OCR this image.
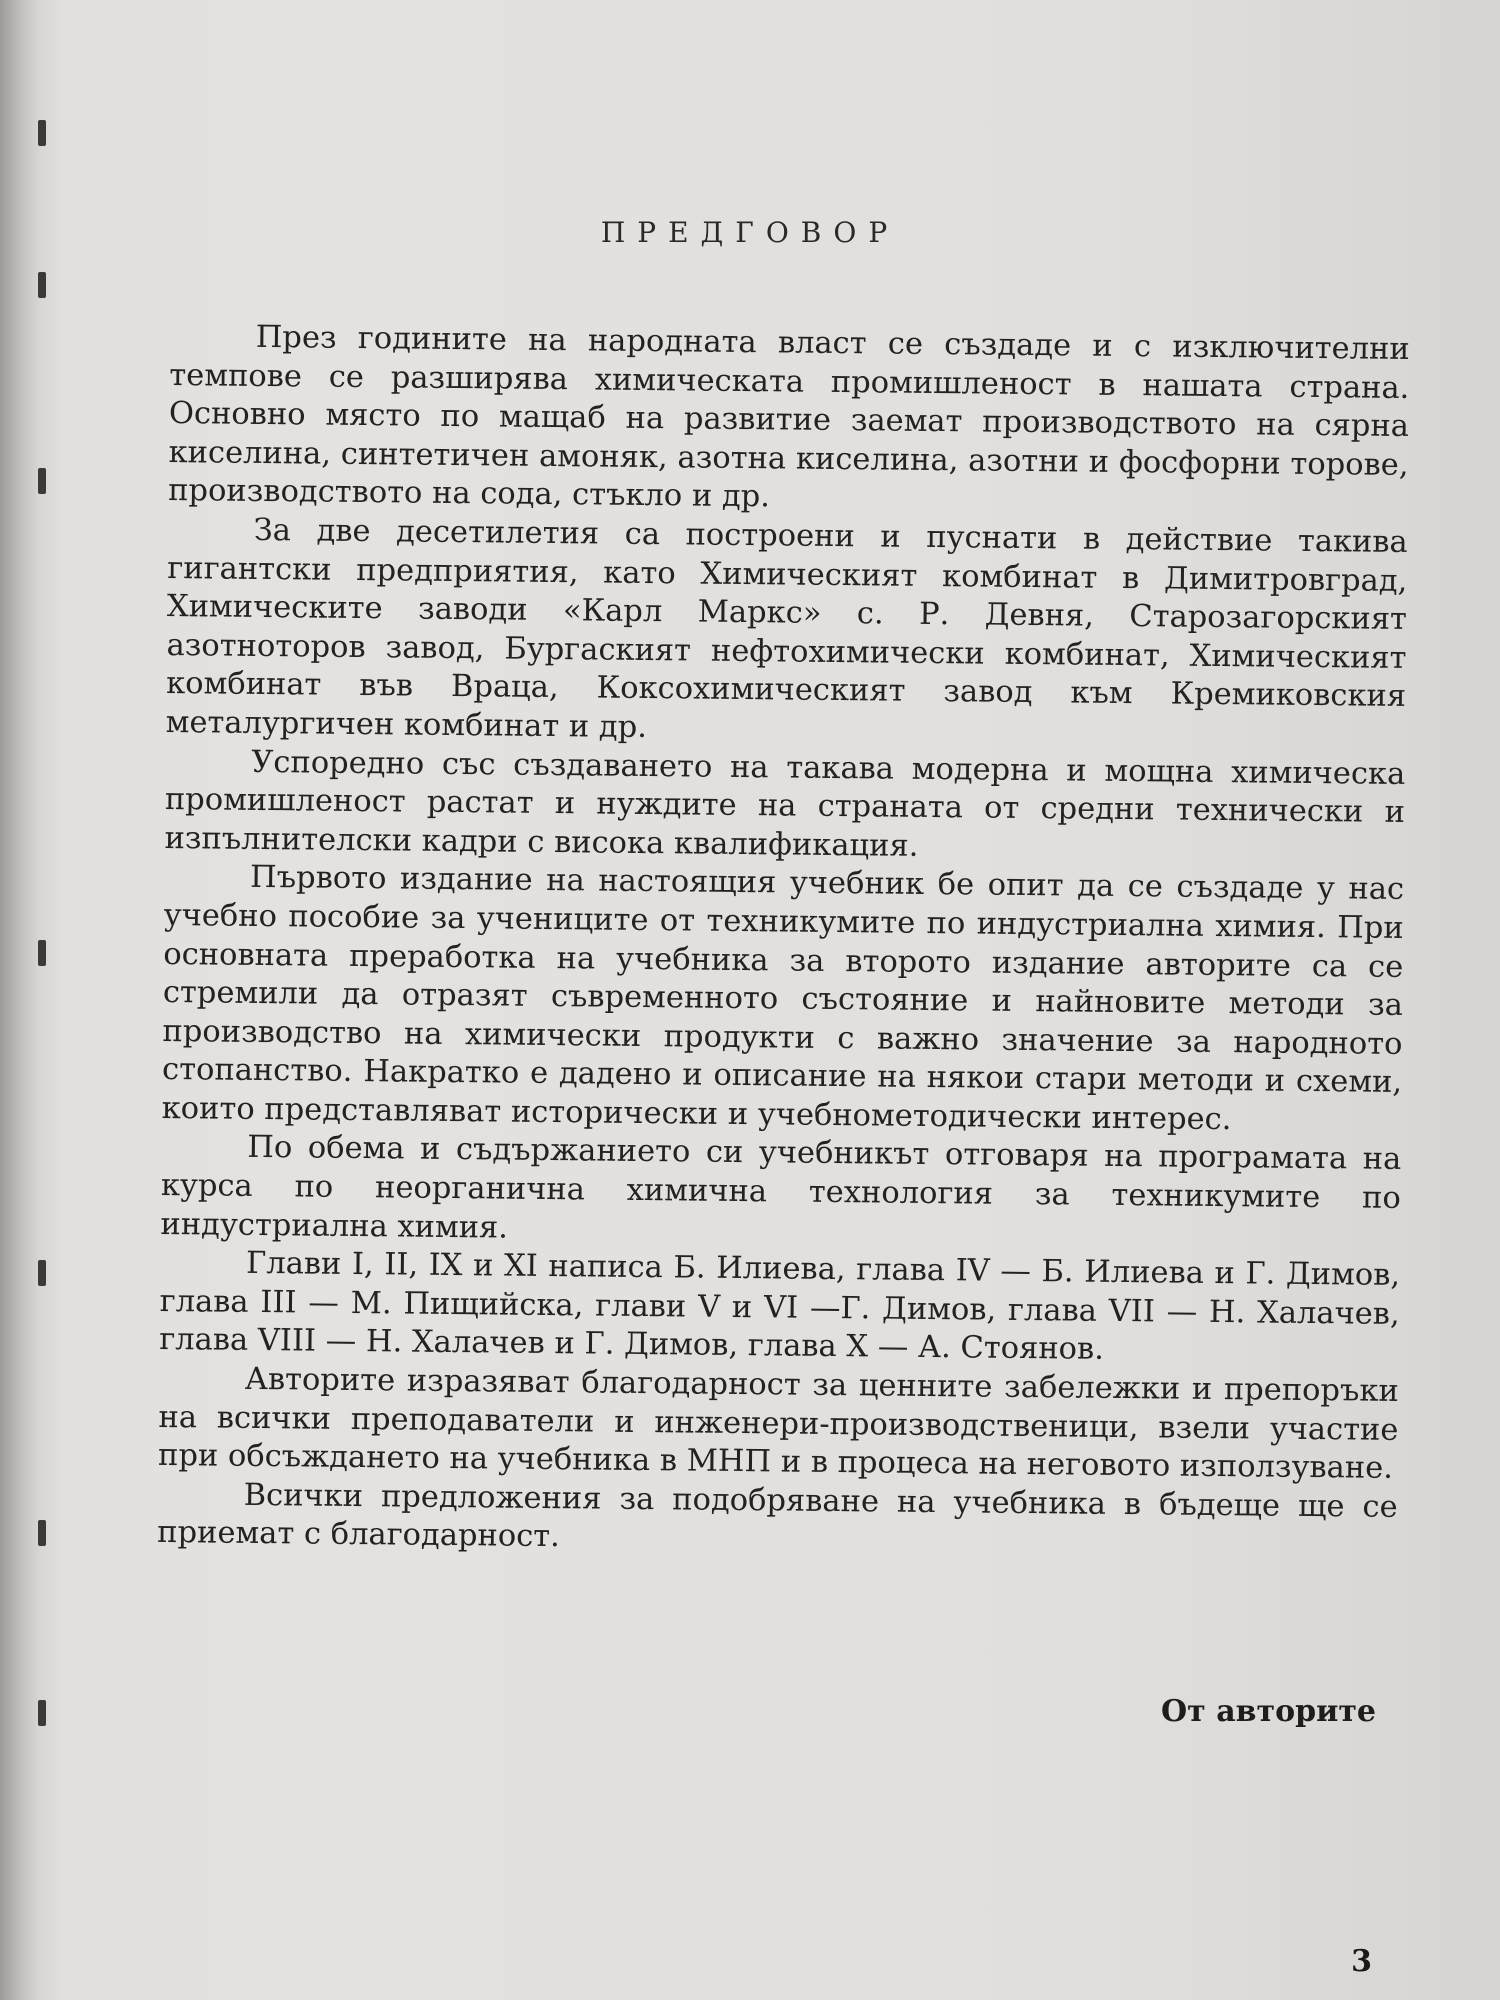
ПРЕДГОВОР

През годините на народната власт се създаде и с изключителни темпове се разширява химическата промишленост в нашата страна. Основно място по мащаб на развитие заемат производството на сярна киселина, синтетичен амоняк, азотна киселина, азотни и фосфорни торове, производството на сода, стъкло и др.

За две десетилетия са построени и пуснати в действие такива гигантски предприятия, като Химическият комбинат в Димитровград, Химическите заводи «Карл Маркс» с. Р. Девня, Старозагорският азотноторов завод, Бургаският нефтохимически комбинат, Химическият комбинат във Враца, Коксохимическият завод към Кремиковския металургичен комбинат и др.

Успоредно със създаването на такава модерна и мощна химическа промишленост растат и нуждите на страната от средни технически и изпълнителски кадри с висока квалификация.

Първото издание на настоящия учебник бе опит да се създаде у нас учебно пособие за учениците от техникумите по индустриална химия. При основната преработка на учебника за второто издание авторите са се стремили да отразят съвременното състояние и найновите методи за производство на химически продукти с важно значение за народното стопанство. Накратко е дадено и описание на някои стари методи и схеми, които представляват исторически и учебнометодически интерес.

По обема и съдържанието си учебникът отговаря на програмата на курса по неорганична химична технология за техникумите по индустриална химия.

Глави I, II, IX и XI написа Б. Илиева, глава IV — Б. Илиева и Г. Димов, глава III — М. Пищийска, глави V и VI —Г. Димов, глава VII — Н. Халачев, глава VIII — Н. Халачев и Г. Димов, глава X — А. Стоянов.

Авторите изразяват благодарност за ценните забележки и препоръки на всички преподаватели и инженери-производственици, взели участие при обсъждането на учебника в МНП и в процеса на неговото използуване.

Всички предложения за подобряване на учебника в бъдеще ще се приемат с благодарност.

От авторите

3
